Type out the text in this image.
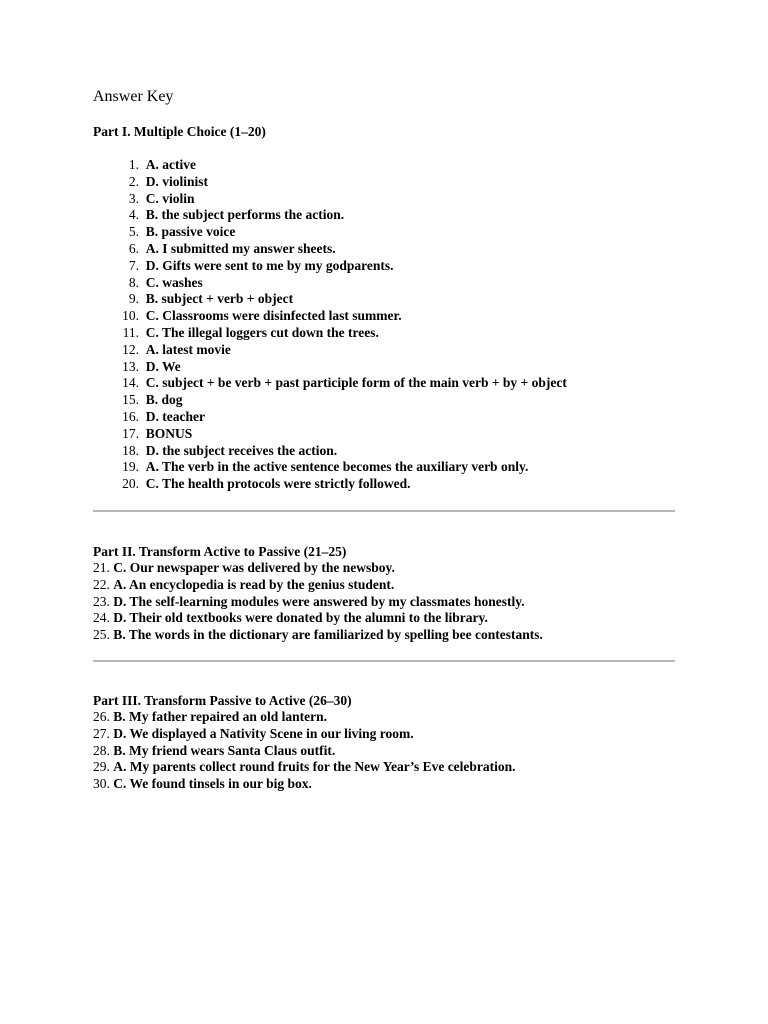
Answer Key
Part I. Multiple Choice (1–20)
1. A. active
2. D. violinist
3. C. violin
4. B. the subject performs the action.
5. B. passive voice
6. A. I submitted my answer sheets.
7. D. Gifts were sent to me by my godparents.
8. C. washes
9. B. subject + verb + object
10. C. Classrooms were disinfected last summer.
11. C. The illegal loggers cut down the trees.
12. A. latest movie
13. D. We
14. C. subject + be verb + past participle form of the main verb + by + object
15. B. dog
16. D. teacher
17. BONUS
18. D. the subject receives the action.
19. A. The verb in the active sentence becomes the auxiliary verb only.
20. C. The health protocols were strictly followed.
Part II. Transform Active to Passive (21–25)
21. C. Our newspaper was delivered by the newsboy.
22. A. An encyclopedia is read by the genius student.
23. D. The self-learning modules were answered by my classmates honestly.
24. D. Their old textbooks were donated by the alumni to the library.
25. B. The words in the dictionary are familiarized by spelling bee contestants.
Part III. Transform Passive to Active (26–30)
26. B. My father repaired an old lantern.
27. D. We displayed a Nativity Scene in our living room.
28. B. My friend wears Santa Claus outfit.
29. A. My parents collect round fruits for the New Year’s Eve celebration.
30. C. We found tinsels in our big box.
